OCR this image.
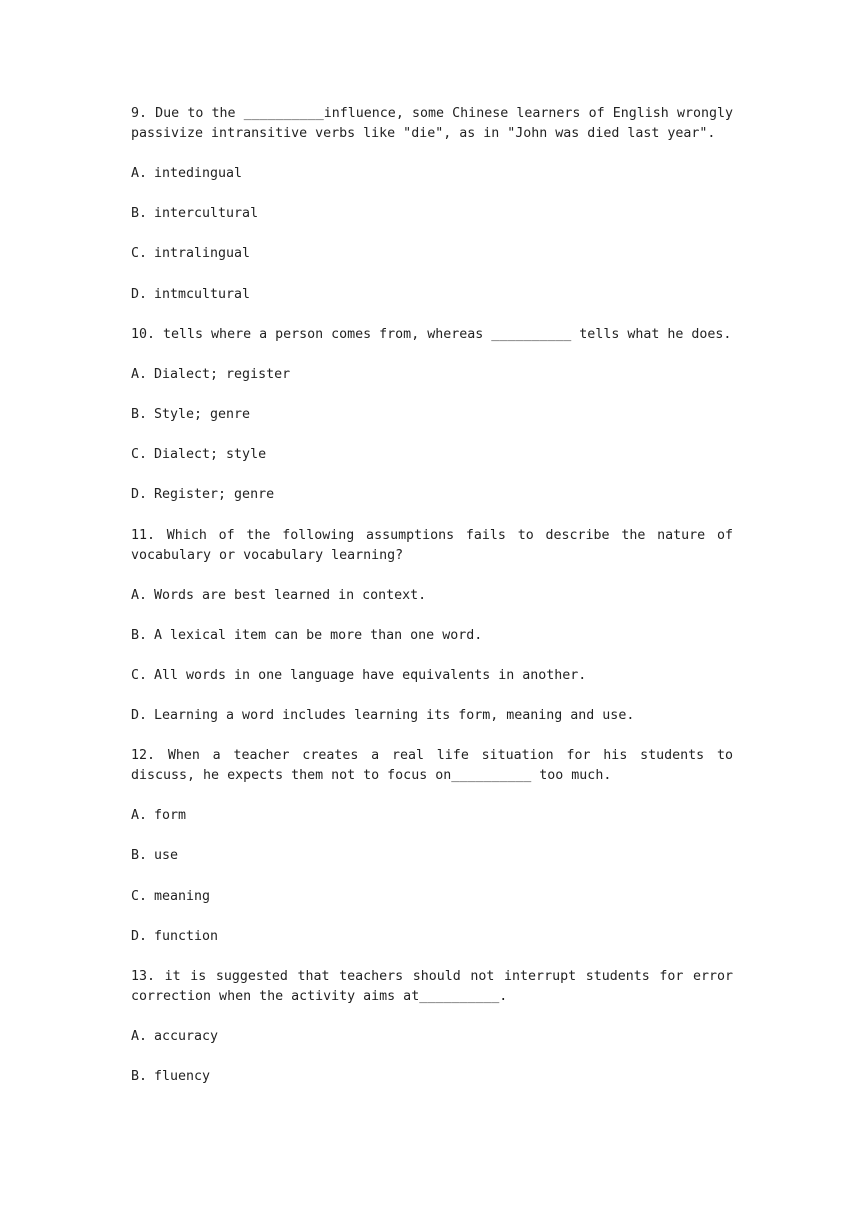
9. Due to the __________influence, some Chinese learners of English wrongly passivize intransitive verbs like "die", as in "John was died last year".

A. intedingual
B. intercultural
C. intralingual
D. intmcultural

10. tells where a person comes from, whereas __________ tells what he does.

A. Dialect; register
B. Style; genre
C. Dialect; style
D. Register; genre

11. Which of the following assumptions fails to describe the nature of vocabulary or vocabulary learning?

A. Words are best learned in context.
B. A lexical item can be more than one word.
C. All words in one language have equivalents in another.
D. Learning a word includes learning its form, meaning and use.

12. When a teacher creates a real life situation for his students to discuss, he expects them not to focus on__________ too much.

A. form
B. use
C. meaning
D. function

13. it is suggested that teachers should not interrupt students for error correction when the activity aims at__________.

A. accuracy
B. fluency
